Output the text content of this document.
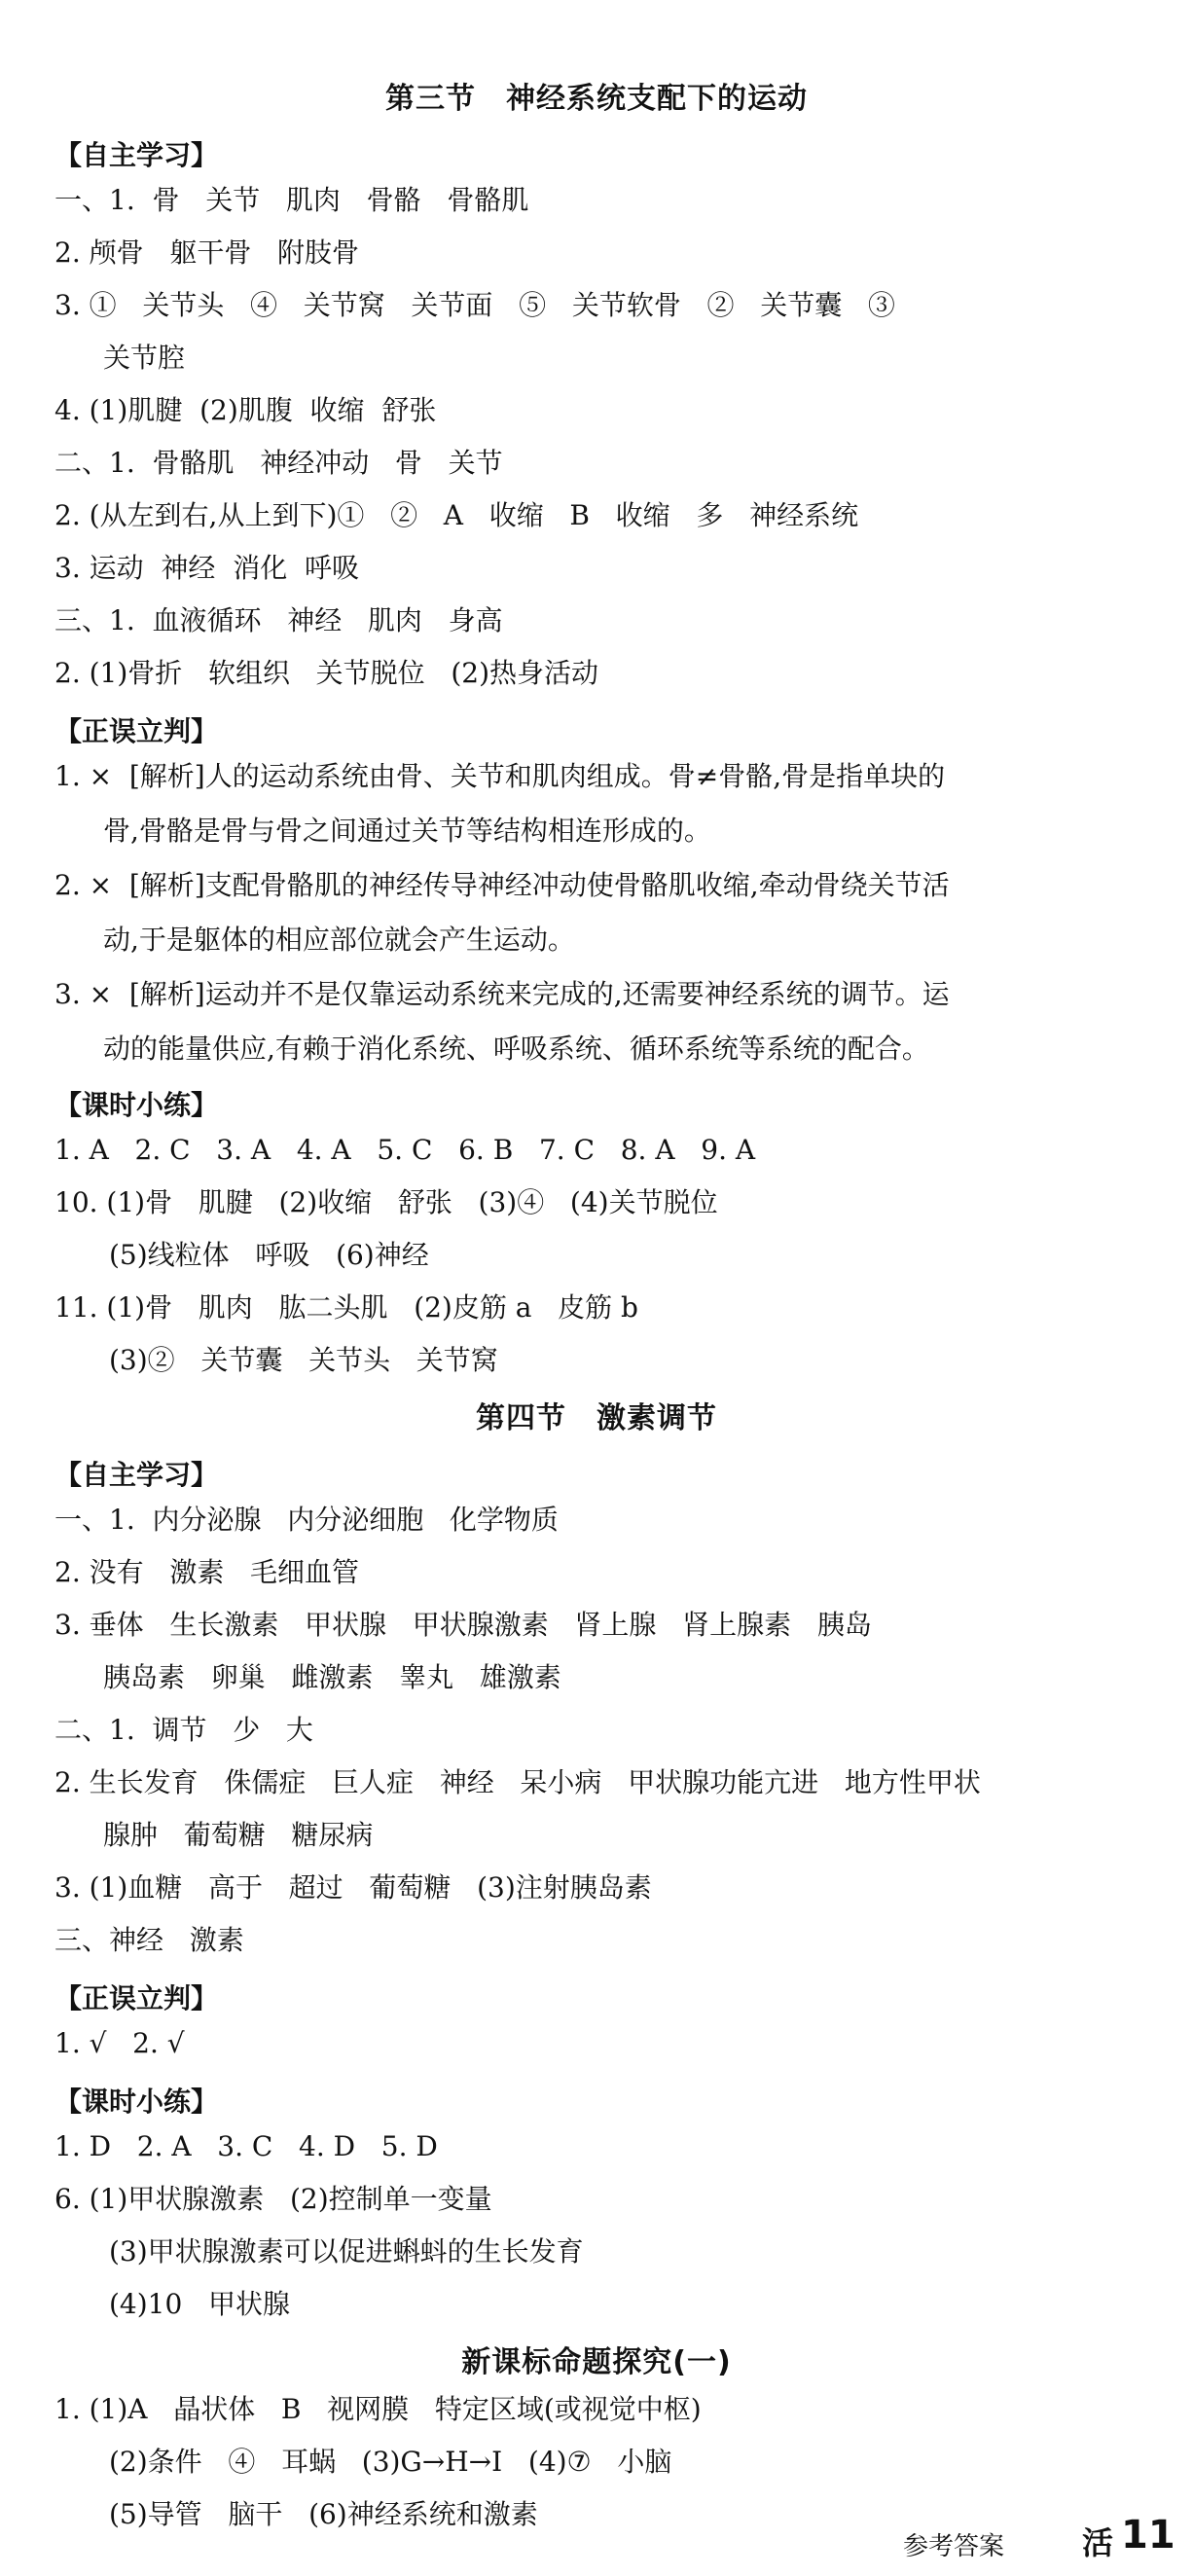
第三节　神经系统支配下的运动
【自主学习】
一、1.  骨   关节   肌肉   骨骼   骨骼肌
2. 颅骨   躯干骨   附肢骨
3. ①   关节头   ④   关节窝   关节面   ⑤   关节软骨   ②   关节囊   ③
关节腔
4. (1)肌腱  (2)肌腹  收缩  舒张
二、1.  骨骼肌   神经冲动   骨   关节
2. (从左到右,从上到下)①   ②   A   收缩   B   收缩   多   神经系统
3. 运动  神经  消化  呼吸
三、1.  血液循环   神经   肌肉   身高
2. (1)骨折   软组织   关节脱位   (2)热身活动
【正误立判】
1. ×  [解析]人的运动系统由骨、关节和肌肉组成。骨≠骨骼,骨是指单块的
骨,骨骼是骨与骨之间通过关节等结构相连形成的。
2. ×  [解析]支配骨骼肌的神经传导神经冲动使骨骼肌收缩,牵动骨绕关节活
动,于是躯体的相应部位就会产生运动。
3. ×  [解析]运动并不是仅靠运动系统来完成的,还需要神经系统的调节。运
动的能量供应,有赖于消化系统、呼吸系统、循环系统等系统的配合。
【课时小练】
1. A   2. C   3. A   4. A   5. C   6. B   7. C   8. A   9. A
10. (1)骨   肌腱   (2)收缩   舒张   (3)④   (4)关节脱位
(5)线粒体   呼吸   (6)神经
11. (1)骨   肌肉   肱二头肌   (2)皮筋 a   皮筋 b
(3)②   关节囊   关节头   关节窝
第四节　激素调节
【自主学习】
一、1.  内分泌腺   内分泌细胞   化学物质
2. 没有   激素   毛细血管
3. 垂体   生长激素   甲状腺   甲状腺激素   肾上腺   肾上腺素   胰岛
胰岛素   卵巢   雌激素   睾丸   雄激素
二、1.  调节   少   大
2. 生长发育   侏儒症   巨人症   神经   呆小病   甲状腺功能亢进   地方性甲状
腺肿   葡萄糖   糖尿病
3. (1)血糖   高于   超过   葡萄糖   (3)注射胰岛素
三、神经   激素
【正误立判】
1. √   2. √
【课时小练】
1. D   2. A   3. C   4. D   5. D
6. (1)甲状腺激素   (2)控制单一变量
(3)甲状腺激素可以促进蝌蚪的生长发育
(4)10   甲状腺
新课标命题探究(一)
1. (1)A   晶状体   B   视网膜   特定区域(或视觉中枢)
(2)条件   ④   耳蜗   (3)G→H→I   (4)⑦   小脑
(5)导管   脑干   (6)神经系统和激素
参考答案 活 11
